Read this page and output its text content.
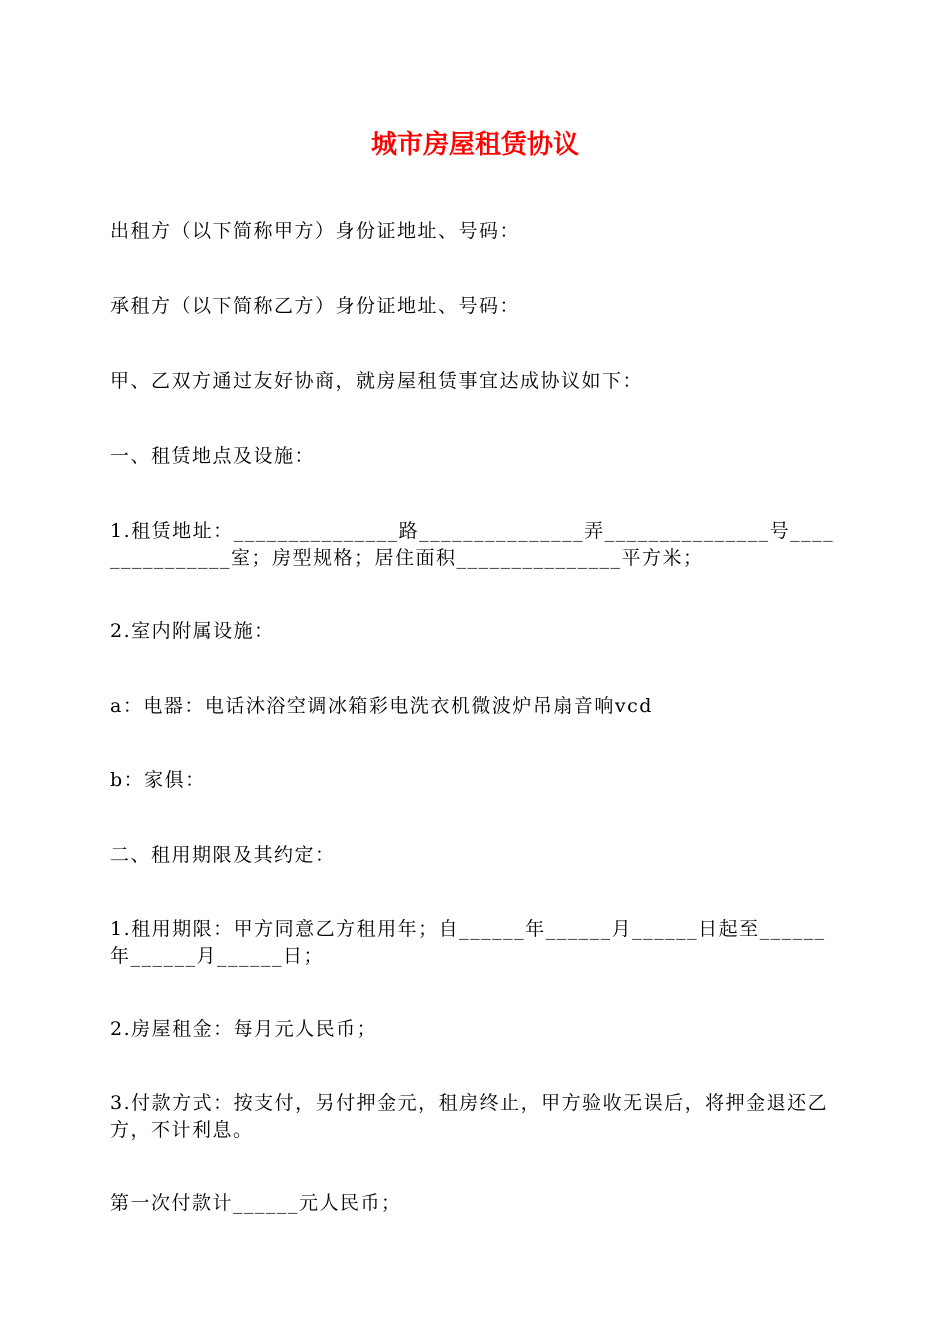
城市房屋租赁协议

出租方（以下简称甲方）身份证地址、号码：

承租方（以下简称乙方）身份证地址、号码：

甲、乙双方通过友好协商，就房屋租赁事宜达成协议如下：

一、租赁地点及设施：

1.租赁地址：_______________路_______________弄_______________号_______________室；房型规格；居住面积_______________平方米；

2.室内附属设施：

a：电器：电话沐浴空调冰箱彩电洗衣机微波炉吊扇音响vcd

b：家俱：

二、租用期限及其约定：

1.租用期限：甲方同意乙方租用年；自______年______月______日起至______年______月______日；

2.房屋租金：每月元人民币；

3.付款方式：按支付，另付押金元，租房终止，甲方验收无误后，将押金退还乙方，不计利息。

第一次付款计______元人民币；
